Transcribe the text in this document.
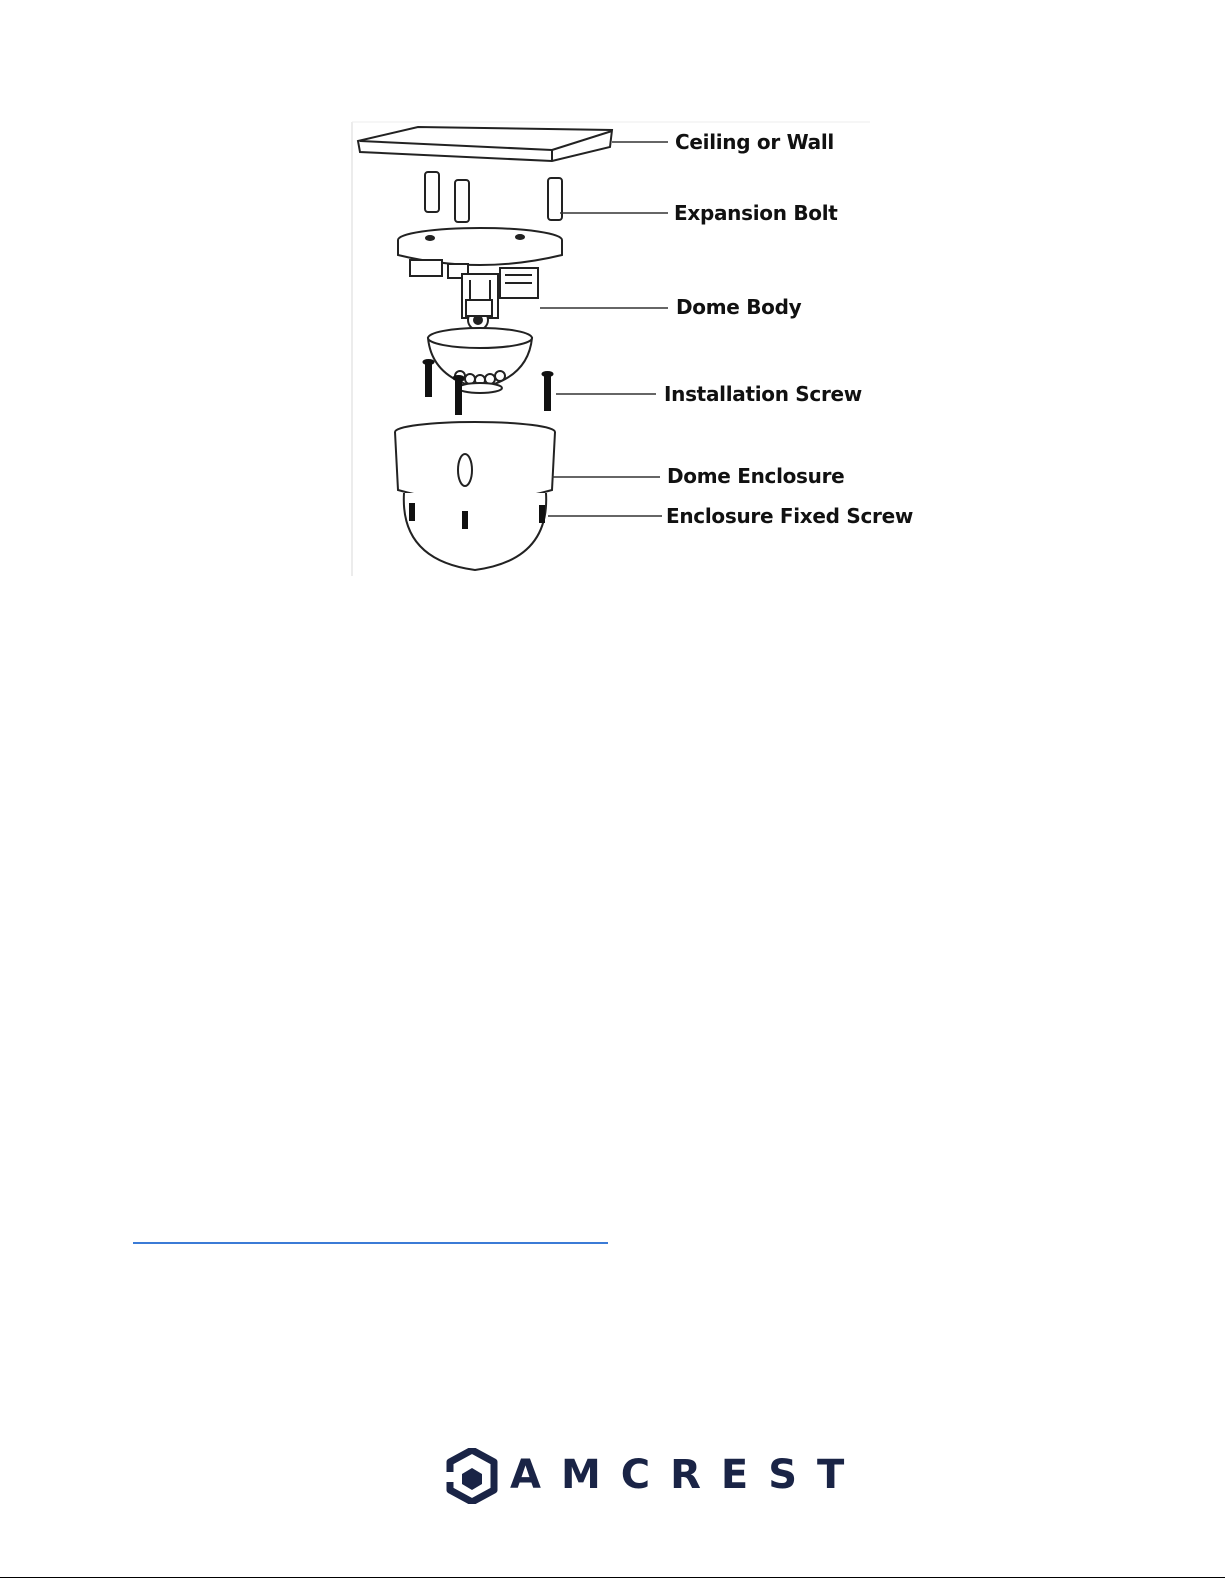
Ceiling or Wall
Expansion Bolt
Dome Body
Installation Screw
Dome Enclosure
Enclosure Fixed Screw
AMCREST
